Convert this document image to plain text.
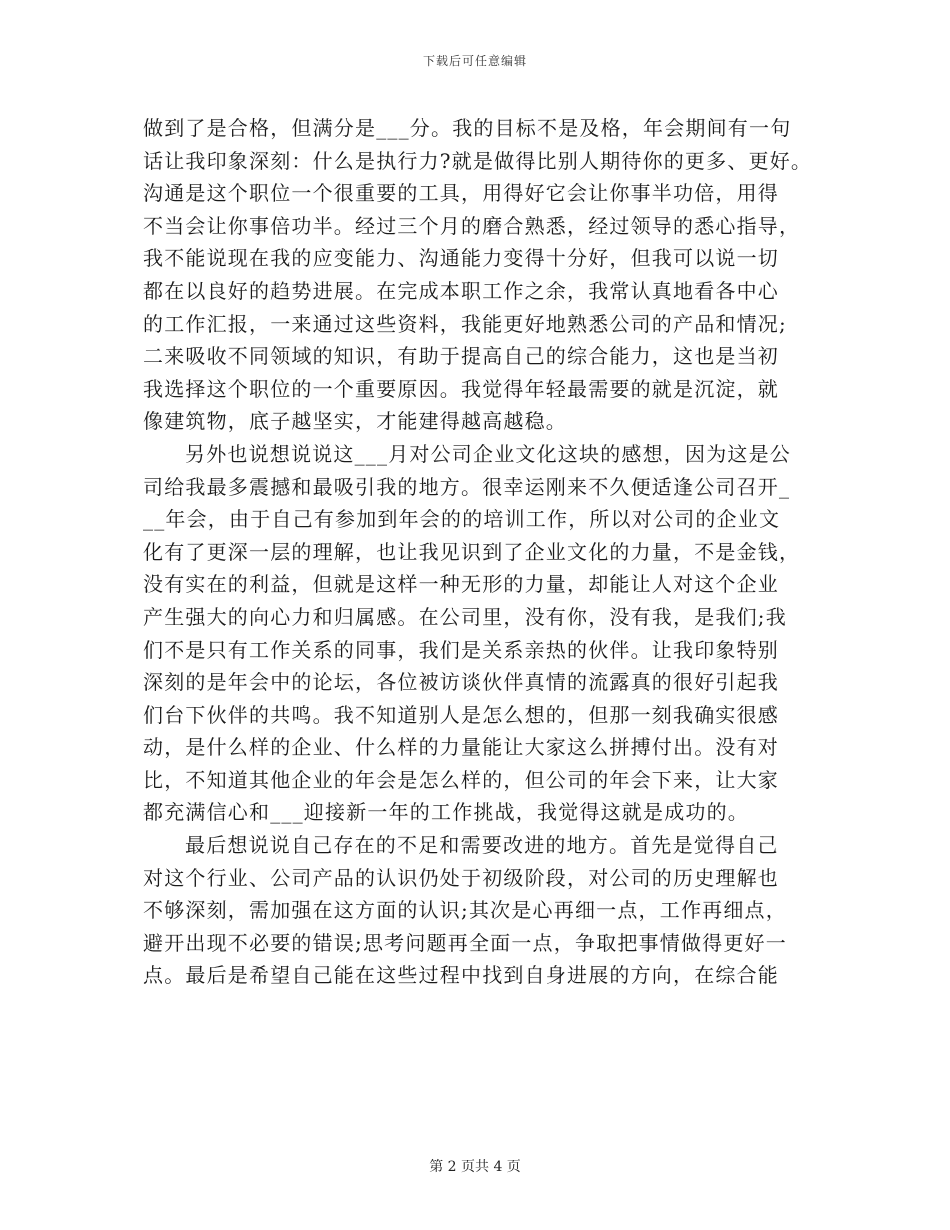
下载后可任意编辑
做到了是合格，但满分是___分。我的目标不是及格，年会期间有一句
话让我印象深刻：什么是执行力?就是做得比别人期待你的更多、更好。
沟通是这个职位一个很重要的工具，用得好它会让你事半功倍，用得
不当会让你事倍功半。经过三个月的磨合熟悉，经过领导的悉心指导，
我不能说现在我的应变能力、沟通能力变得十分好，但我可以说一切
都在以良好的趋势进展。在完成本职工作之余，我常认真地看各中心
的工作汇报，一来通过这些资料，我能更好地熟悉公司的产品和情况;
二来吸收不同领域的知识，有助于提高自己的综合能力，这也是当初
我选择这个职位的一个重要原因。我觉得年轻最需要的就是沉淀，就
像建筑物，底子越坚实，才能建得越高越稳。
另外也说想说说这___月对公司企业文化这块的感想，因为这是公
司给我最多震撼和最吸引我的地方。很幸运刚来不久便适逢公司召开_
__年会，由于自己有参加到年会的的培训工作，所以对公司的企业文
化有了更深一层的理解，也让我见识到了企业文化的力量，不是金钱，
没有实在的利益，但就是这样一种无形的力量，却能让人对这个企业
产生强大的向心力和归属感。在公司里，没有你，没有我，是我们;我
们不是只有工作关系的同事，我们是关系亲热的伙伴。让我印象特别
深刻的是年会中的论坛，各位被访谈伙伴真情的流露真的很好引起我
们台下伙伴的共鸣。我不知道别人是怎么想的，但那一刻我确实很感
动，是什么样的企业、什么样的力量能让大家这么拼搏付出。没有对
比，不知道其他企业的年会是怎么样的，但公司的年会下来，让大家
都充满信心和___迎接新一年的工作挑战，我觉得这就是成功的。
最后想说说自己存在的不足和需要改进的地方。首先是觉得自己
对这个行业、公司产品的认识仍处于初级阶段，对公司的历史理解也
不够深刻，需加强在这方面的认识;其次是心再细一点，工作再细点，
避开出现不必要的错误;思考问题再全面一点，争取把事情做得更好一
点。最后是希望自己能在这些过程中找到自身进展的方向，在综合能
第 2 页共 4 页
